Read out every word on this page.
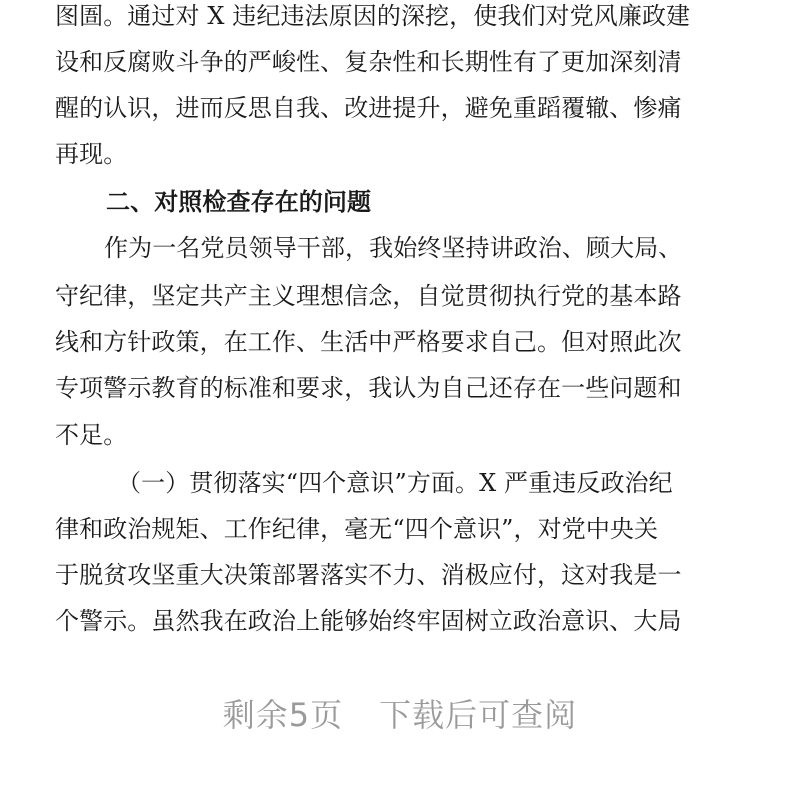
图圄。通过对 X 违纪违法原因的深挖，使我们对党风廉政建
设和反腐败斗争的严峻性、复杂性和长期性有了更加深刻清
醒的认识，进而反思自我、改进提升，避免重蹈覆辙、惨痛
再现。
二、对照检查存在的问题
作为一名党员领导干部，我始终坚持讲政治、顾大局、
守纪律，坚定共产主义理想信念，自觉贯彻执行党的基本路
线和方针政策，在工作、生活中严格要求自己。但对照此次
专项警示教育的标准和要求，我认为自己还存在一些问题和
不足。
（一）贯彻落实“四个意识”方面。X 严重违反政治纪
律和政治规矩、工作纪律，毫无“四个意识”，对党中央关
于脱贫攻坚重大决策部署落实不力、消极应付，这对我是一
个警示。虽然我在政治上能够始终牢固树立政治意识、大局
剩余5页 下载后可查阅
